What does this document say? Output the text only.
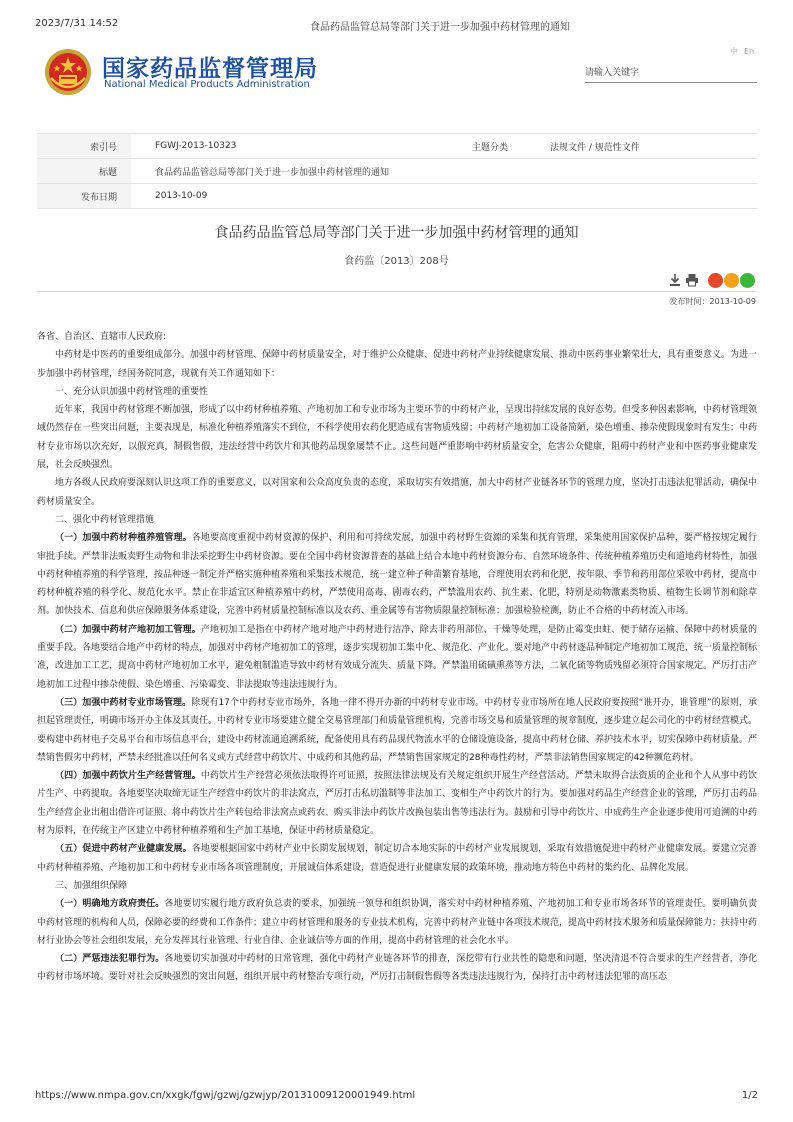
2023/7/31 14:52	食品药品监管总局等部门关于进一步加强中药材管理的通知
国家药品监督管理局
National Medical Products Administration
中 En
请输入关键字
索引号	FGWJ-2013-10323	主题分类	法规文件 / 规范性文件
标题	食品药品监管总局等部门关于进一步加强中药材管理的通知		
发布日期	2013-10-09		
食品药品监管总局等部门关于进一步加强中药材管理的通知
食药监〔2013〕208号
发布时间：2013-10-09

各省、自治区、直辖市人民政府:

中药材是中医药的重要组成部分。加强中药材管理、保障中药材质量安全，对于维护公众健康、促进中药材产业持续健康发展、推动中医药事业繁荣壮大，具有重要意义。为进一步加强中药材管理，经国务院同意，现就有关工作通知如下：

一、充分认识加强中药材管理的重要性

近年来，我国中药材管理不断加强，形成了以中药材种植养殖、产地初加工和专业市场为主要环节的中药材产业，呈现出持续发展的良好态势。但受多种因素影响，中药材管理领域仍然存在一些突出问题，主要表现是，标准化种植养殖落实不到位，不科学使用农药化肥造成有害物质残留；中药材产地初加工设备简陋，染色增重、掺杂使假现象时有发生；中药材专业市场以次充好，以假充真，制假售假，违法经营中药饮片和其他药品现象屡禁不止。这些问题严重影响中药材质量安全，危害公众健康，阻碍中药材产业和中医药事业健康发展，社会反映强烈。

地方各级人民政府要深刻认识这项工作的重要意义，以对国家和公众高度负责的态度，采取切实有效措施，加大中药材产业链各环节的管理力度，坚决打击违法犯罪活动，确保中药材质量安全。

二、强化中药材管理措施

（一）加强中药材种植养殖管理。各地要高度重视中药材资源的保护、利用和可持续发展，加强中药材野生资源的采集和抚育管理，采集使用国家保护品种，要严格按规定履行审批手续。严禁非法贩卖野生动物和非法采挖野生中药材资源。要在全国中药材资源普查的基础上结合本地中药材资源分布、自然环境条件、传统种植养殖历史和道地药材特性，加强中药材种植养殖的科学管理，按品种逐一制定并严格实施种植养殖和采集技术规范，统一建立种子种苗繁育基地，合理使用农药和化肥，按年限、季节和药用部位采收中药材，提高中药材种植养殖的科学化、规范化水平。禁止在非适宜区种植养殖中药材，严禁使用高毒、剧毒农药，严禁滥用农药、抗生素、化肥，特别是动物激素类物质、植物生长调节剂和除草剂。加快技术、信息和供应保障服务体系建设，完善中药材质量控制标准以及农药、重金属等有害物质限量控制标准；加强检验检测，防止不合格的中药材流入市场。

（二）加强中药材产地初加工管理。产地初加工是指在中药材产地对地产中药材进行洁净、除去非药用部位、干燥等处理，是防止霉变虫蛀、便于储存运输、保障中药材质量的重要手段。各地要结合地产中药材的特点，加强对中药材产地初加工的管理，逐步实现初加工集中化、规范化、产业化。要对地产中药材逐品种制定产地初加工规范，统一质量控制标准，改进加工工艺，提高中药材产地初加工水平，避免粗制滥造导致中药材有效成分流失、质量下降。严禁滥用硫磺熏蒸等方法，二氧化硫等物质残留必须符合国家规定。严厉打击产地初加工过程中掺杂使假、染色增重、污染霉变、非法提取等违法违规行为。

（三）加强中药材专业市场管理。除现有17个中药材专业市场外，各地一律不得开办新的中药材专业市场。中药材专业市场所在地人民政府要按照“谁开办，谁管理”的原则，承担起管理责任，明确市场开办主体及其责任。中药材专业市场要建立健全交易管理部门和质量管理机构，完善市场交易和质量管理的规章制度，逐步建立起公司化的中药材经营模式。要构建中药材电子交易平台和市场信息平台，建设中药材流通追溯系统，配备使用具有药品现代物流水平的仓储设施设备，提高中药材仓储、养护技术水平，切实保障中药材质量。严禁销售假劣中药材，严禁未经批准以任何名义或方式经营中药饮片、中成药和其他药品，严禁销售国家规定的28种毒性药材，严禁非法销售国家规定的42种濒危药材。

（四）加强中药饮片生产经营管理。中药饮片生产经营必须依法取得许可证照，按照法律法规及有关规定组织开展生产经营活动。严禁未取得合法资质的企业和个人从事中药饮片生产、中药提取。各地要坚决取缔无证生产经营中药饮片的非法窝点，严厉打击私切滥制等非法加工、变相生产中药饮片的行为。要加强对药品生产经营企业的管理，严厉打击药品生产经营企业出租出借许可证照、将中药饮片生产转包给非法窝点或药农、购买非法中药饮片改换包装出售等违法行为。鼓励和引导中药饮片、中成药生产企业逐步使用可追溯的中药材为原料，在传统主产区建立中药材种植养殖和生产加工基地，保证中药材质量稳定。

（五）促进中药材产业健康发展。各地要根据国家中药材产业中长期发展规划，制定切合本地实际的中药材产业发展规划，采取有效措施促进中药材产业健康发展。要建立完善中药材种植养殖、产地初加工和中药材专业市场各项管理制度，开展诚信体系建设，营造促进行业健康发展的政策环境，推动地方特色中药材的集约化、品牌化发展。

三、加强组织保障

（一）明确地方政府责任。各地要切实履行地方政府负总责的要求，加强统一领导和组织协调，落实对中药材种植养殖、产地初加工和专业市场各环节的管理责任。要明确负责中药材管理的机构和人员，保障必要的经费和工作条件；建立中药材管理和服务的专业技术机构，完善中药材产业链中各项技术规范，提高中药材技术服务和质量保障能力；扶持中药材行业协会等社会组织发展，充分发挥其行业管理、行业自律、企业诚信等方面的作用，提高中药材管理的社会化水平。

（二）严惩违法犯罪行为。各地要切实加强对中药材的日常管理，强化中药材产业链各环节的排查，深挖带有行业共性的隐患和问题，坚决清退不符合要求的生产经营者，净化中药材市场环境。要针对社会反映强烈的突出问题，组织开展中药材整治专项行动，严厉打击制假售假等各类违法违规行为，保持打击中药材违法犯罪的高压态

https://www.nmpa.gov.cn/xxgk/fgwj/gzwj/gzwjyp/20131009120001949.html	1/2
